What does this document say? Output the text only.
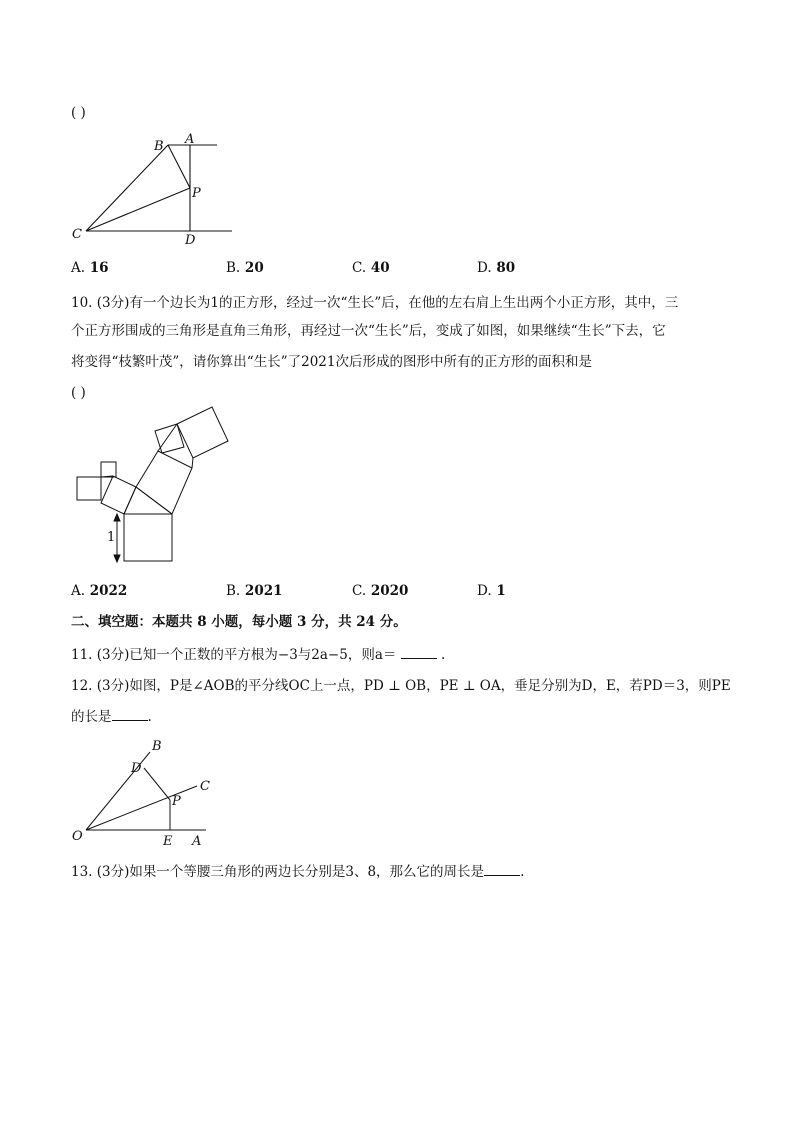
( )
B A
P
C	D
A. 16	B. 20	C. 40	D. 80
10. (3分)有一个边长为1的正方形，经过一次“生长”后，在他的左右肩上生出两个小正方形，其中，三
个正方形围成的三角形是直角三角形，再经过一次“生长”后，变成了如图，如果继续“生长”下去，它
将变得“枝繁叶茂”，请你算出“生长”了2021次后形成的图形中所有的正方形的面积和是
( )
1
A. 2022	B. 2021	C. 2020	D. 1
二、填空题：本题共 8 小题，每小题 3 分，共 24 分。
11. (3分)已知一个正数的平方根为−3与2a−5，则a＝	.
12. (3分)如图，P是∠AOB的平分线OC上一点，PD ⊥ OB，PE ⊥ OA，垂足分别为D，E，若PD＝3，则PE
的长是	.
B
D
C
P
O	E A
13. (3分)如果一个等腰三角形的两边长分别是3、8，那么它的周长是	.
